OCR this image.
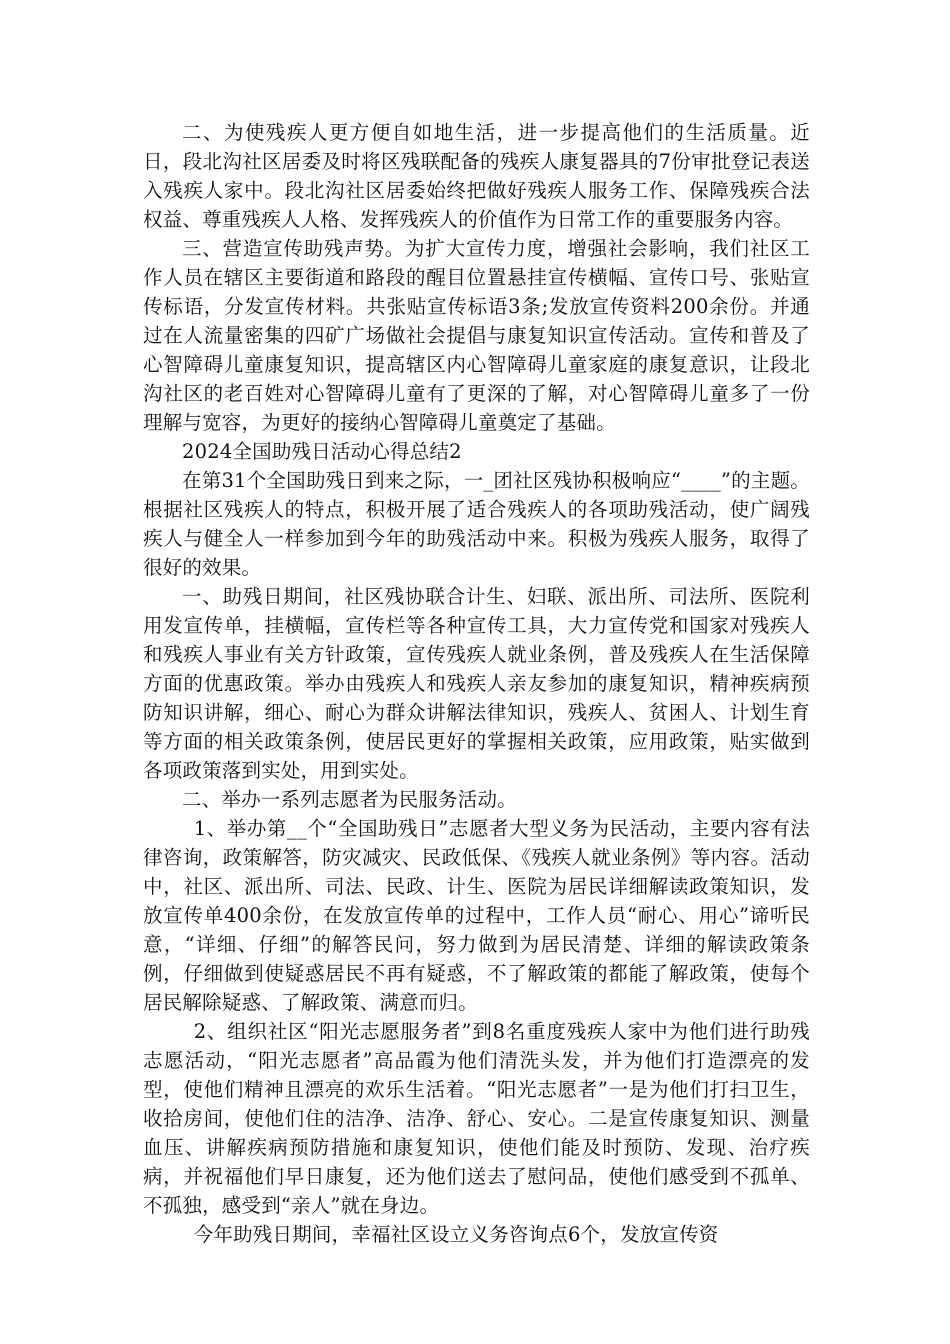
二、为使残疾人更方便自如地生活，进一步提高他们的生活质量。近日，段北沟社区居委及时将区残联配备的残疾人康复器具的7份审批登记表送入残疾人家中。段北沟社区居委始终把做好残疾人服务工作、保障残疾合法权益、尊重残疾人人格、发挥残疾人的价值作为日常工作的重要服务内容。

三、营造宣传助残声势。为扩大宣传力度，增强社会影响，我们社区工作人员在辖区主要街道和路段的醒目位置悬挂宣传横幅、宣传口号、张贴宣传标语，分发宣传材料。共张贴宣传标语3条;发放宣传资料200余份。并通过在人流量密集的四矿广场做社会提倡与康复知识宣传活动。宣传和普及了心智障碍儿童康复知识，提高辖区内心智障碍儿童家庭的康复意识，让段北沟社区的老百姓对心智障碍儿童有了更深的了解，对心智障碍儿童多了一份理解与宽容，为更好的接纳心智障碍儿童奠定了基础。

2024全国助残日活动心得总结2

在第31个全国助残日到来之际，一_团社区残协积极响应“____”的主题。根据社区残疾人的特点，积极开展了适合残疾人的各项助残活动，使广阔残疾人与健全人一样参加到今年的助残活动中来。积极为残疾人服务，取得了很好的效果。

一、助残日期间，社区残协联合计生、妇联、派出所、司法所、医院利用发宣传单，挂横幅，宣传栏等各种宣传工具，大力宣传党和国家对残疾人和残疾人事业有关方针政策，宣传残疾人就业条例，普及残疾人在生活保障方面的优惠政策。举办由残疾人和残疾人亲友参加的康复知识，精神疾病预防知识讲解，细心、耐心为群众讲解法律知识，残疾人、贫困人、计划生育等方面的相关政策条例，使居民更好的掌握相关政策，应用政策，贴实做到各项政策落到实处，用到实处。

二、举办一系列志愿者为民服务活动。

1、举办第__个“全国助残日”志愿者大型义务为民活动，主要内容有法律咨询，政策解答，防灾减灾、民政低保、《残疾人就业条例》等内容。活动中，社区、派出所、司法、民政、计生、医院为居民详细解读政策知识，发放宣传单400余份，在发放宣传单的过程中，工作人员“耐心、用心”谛听民意，“详细、仔细”的解答民问，努力做到为居民清楚、详细的解读政策条例，仔细做到使疑惑居民不再有疑惑，不了解政策的都能了解政策，使每个居民解除疑惑、了解政策、满意而归。

2、组织社区“阳光志愿服务者”到8名重度残疾人家中为他们进行助残志愿活动，“阳光志愿者”高品霞为他们清洗头发，并为他们打造漂亮的发型，使他们精神且漂亮的欢乐生活着。“阳光志愿者”一是为他们打扫卫生，收拾房间，使他们住的洁净、洁净、舒心、安心。二是宣传康复知识、测量血压、讲解疾病预防措施和康复知识，使他们能及时预防、发现、治疗疾病，并祝福他们早日康复，还为他们送去了慰问品，使他们感受到不孤单、不孤独，感受到“亲人”就在身边。

今年助残日期间，幸福社区设立义务咨询点6个，发放宣传资
